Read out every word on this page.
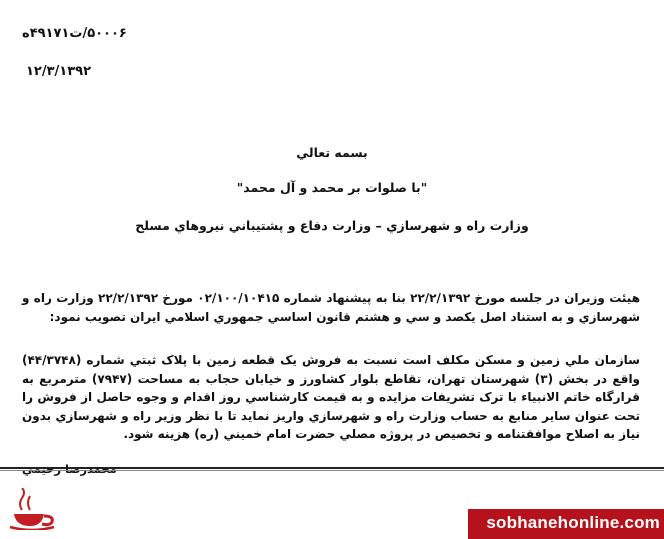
۵۰۰۰۶/ت۴۹۱۷۱ه
۱۲/۳/۱۳۹۲
بسمه تعالي
"با صلوات بر محمد و آل محمد"
وزارت راه و شهرسازي – وزارت دفاع و پشتيباني نيروهاي مسلح
هيئت وزيران در جلسه مورخ ۲۲/۲/۱۳۹۲ بنا به پيشنهاد شماره ۰۲/۱۰۰/۱۰۴۱۵ مورخ ۲۲/۲/۱۳۹۲ وزارت راه و شهرسازي و به استناد اصل يكصد و سي و هشتم قانون اساسي جمهوري اسلامي ايران تصويب نمود:
سازمان ملي زمين و مسكن مكلف است نسبت به فروش يک قطعه زمين با پلاک ثبتي شماره (۴۴/۳۷۴۸) واقع در بخش (۳) شهرستان تهران، تقاطع بلوار كشاورز و خيابان حجاب به مساحت (۷۹۴۷) مترمربع به قرارگاه خاتم الانبياء با ترک تشريفات مزايده و به قيمت كارشناسي روز اقدام و وجوه حاصل از فروش را تحت عنوان ساير منابع به حساب وزارت راه و شهرسازي واريز نمايد تا با نظر وزير راه و شهرسازي بدون نياز به اصلاح موافقتنامه و تخصيص در پروژه مصلي حضرت امام خميني (ره) هزينه شود.
sobhanehonline.com
